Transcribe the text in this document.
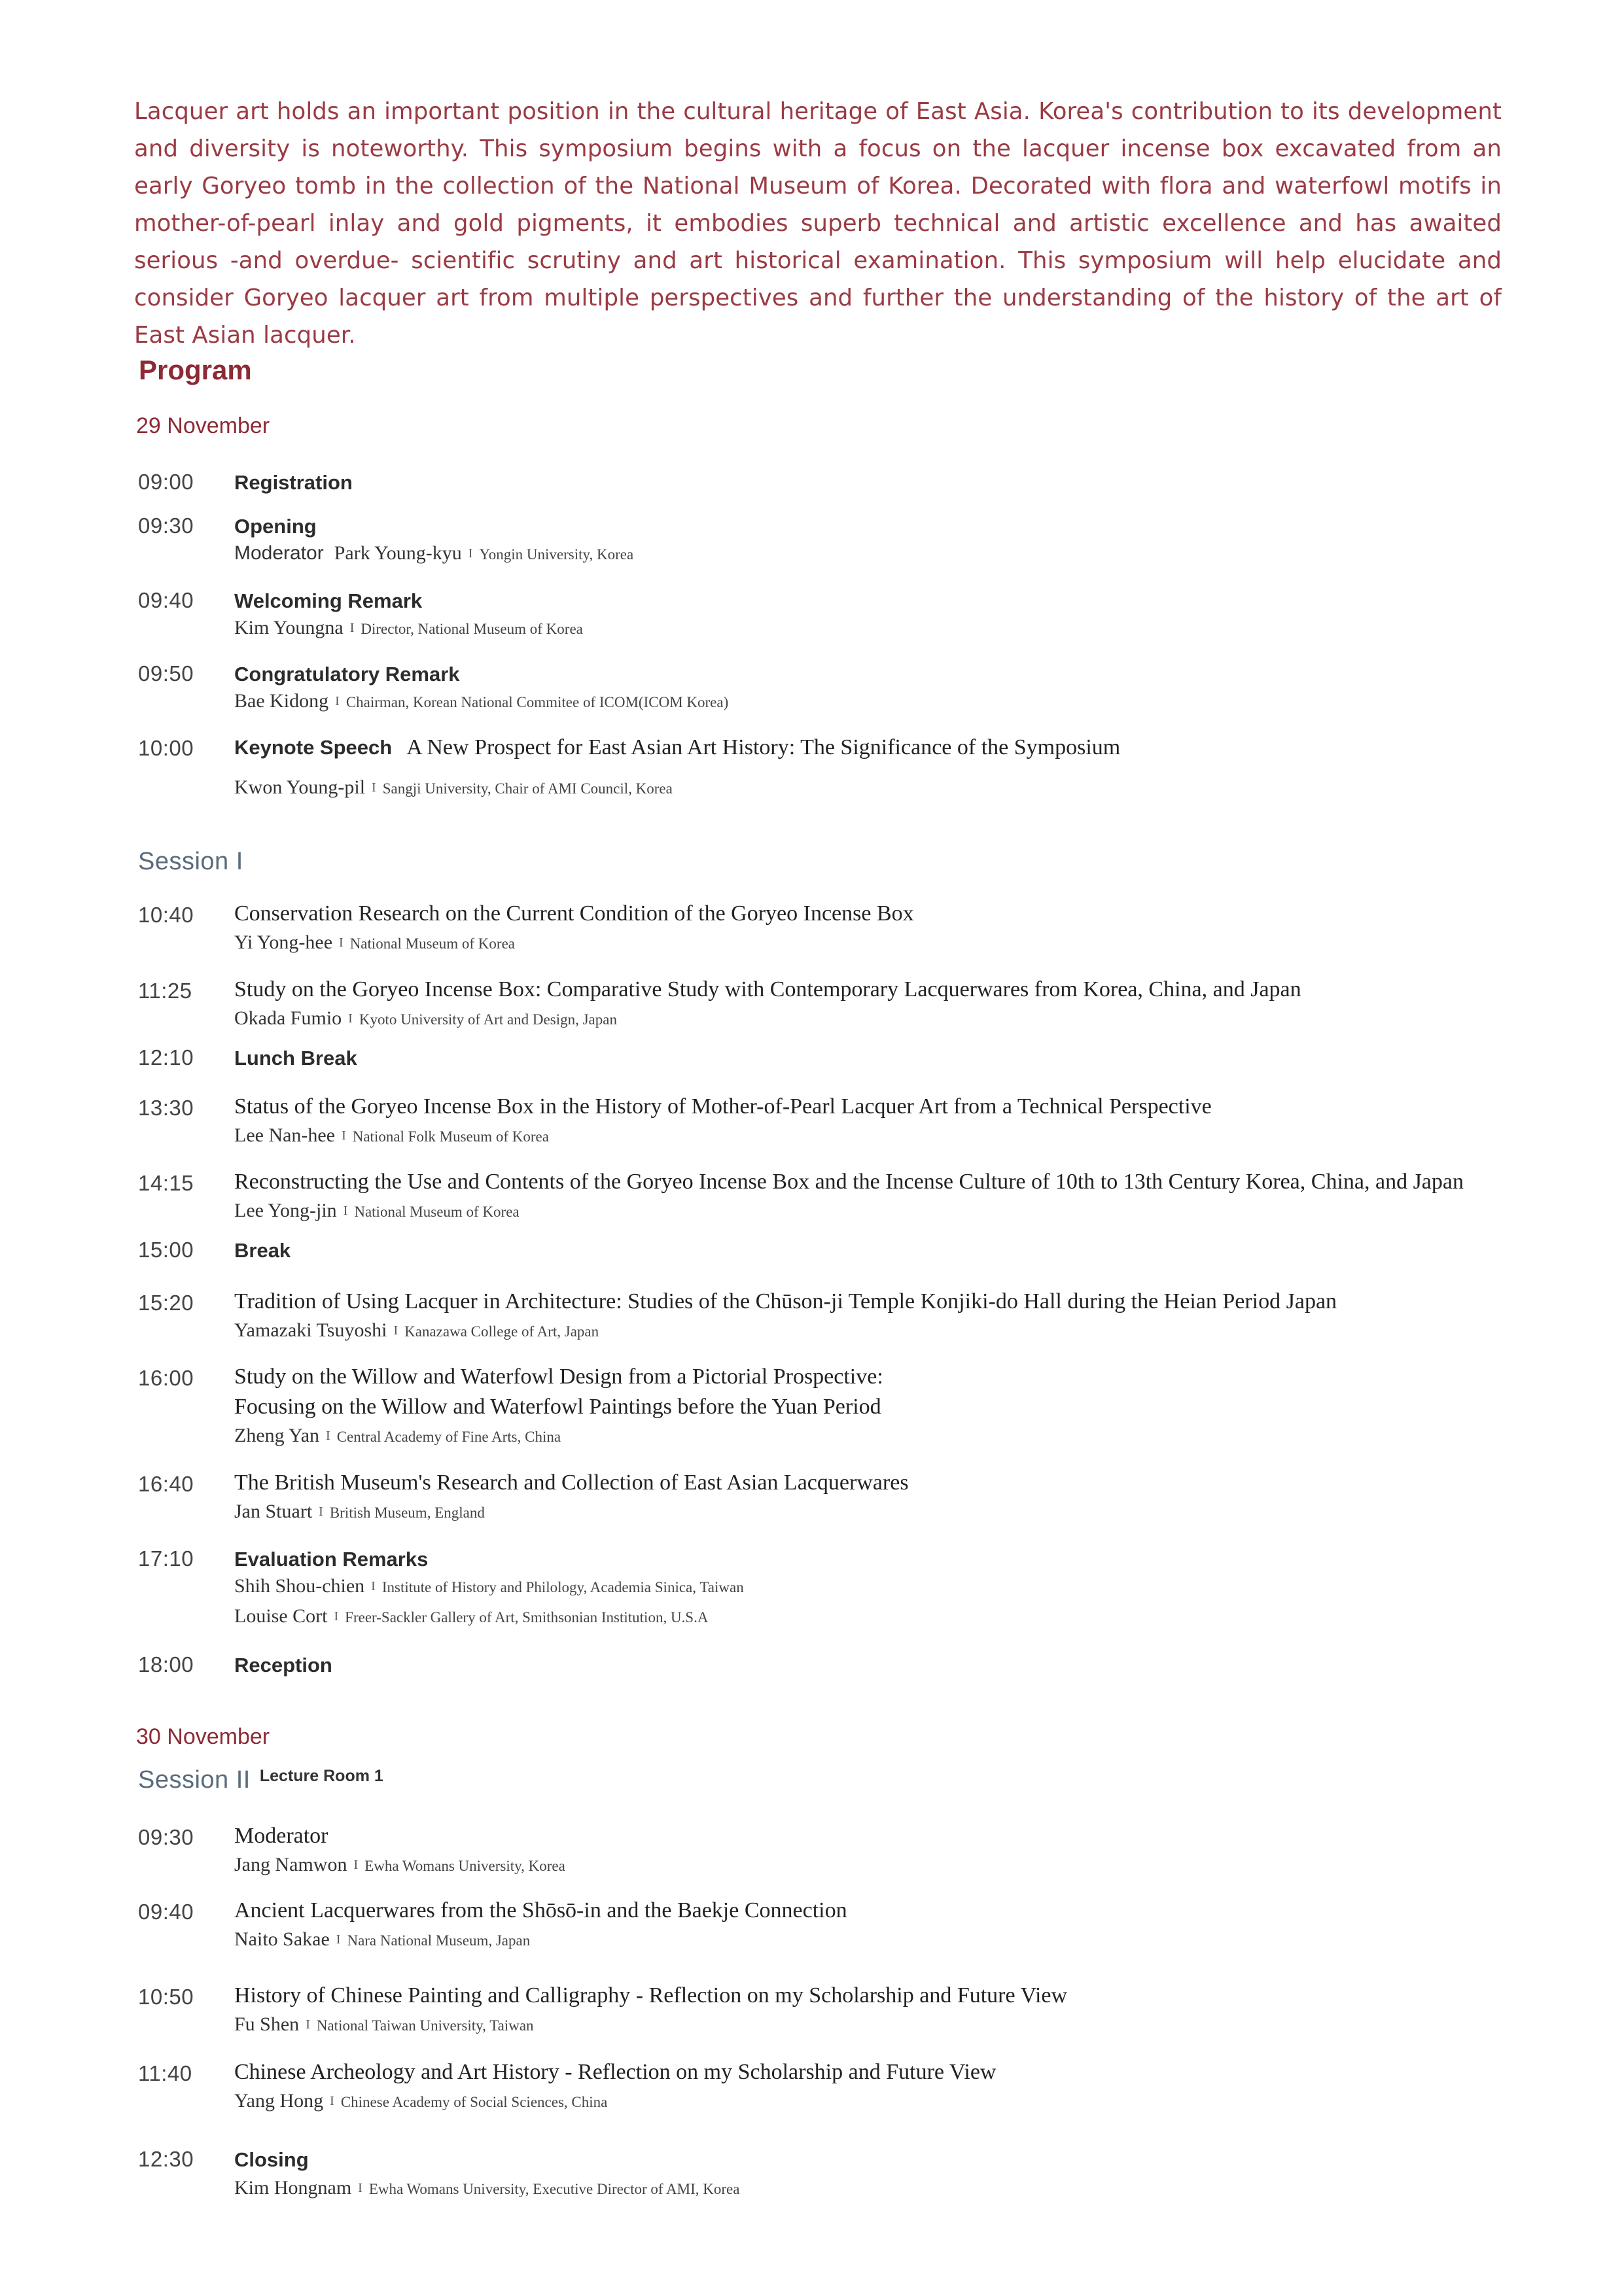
Lacquer art holds an important position in the cultural heritage of East Asia. Korea's contribution to its development and diversity is noteworthy. This symposium begins with a focus on the lacquer incense box excavated from an early Goryeo tomb in the collection of the National Museum of Korea. Decorated with flora and waterfowl motifs in mother-of-pearl inlay and gold pigments, it embodies superb technical and artistic excellence and has awaited serious -and overdue- scientific scrutiny and art historical examination. This symposium will help elucidate and consider Goryeo lacquer art from multiple perspectives and further the understanding of the history of the art of East Asian lacquer.
Program
29 November
09:00 Registration
09:30 Opening
Moderator Park Young-kyu I Yongin University, Korea
09:40 Welcoming Remark
Kim Youngna I Director, National Museum of Korea
09:50 Congratulatory Remark
Bae Kidong I Chairman, Korean National Commitee of ICOM(ICOM Korea)
10:00 Keynote Speech A New Prospect for East Asian Art History: The Significance of the Symposium
Kwon Young-pil I Sangji University, Chair of AMI Council, Korea
Session I
10:40 Conservation Research on the Current Condition of the Goryeo Incense Box
Yi Yong-hee I National Museum of Korea
11:25 Study on the Goryeo Incense Box: Comparative Study with Contemporary Lacquerwares from Korea, China, and Japan
Okada Fumio I Kyoto University of Art and Design, Japan
12:10 Lunch Break
13:30 Status of the Goryeo Incense Box in the History of Mother-of-Pearl Lacquer Art from a Technical Perspective
Lee Nan-hee I National Folk Museum of Korea
14:15 Reconstructing the Use and Contents of the Goryeo Incense Box and the Incense Culture of 10th to 13th Century Korea, China, and Japan
Lee Yong-jin I National Museum of Korea
15:00 Break
15:20 Tradition of Using Lacquer in Architecture: Studies of the Chūson-ji Temple Konjiki-do Hall during the Heian Period Japan
Yamazaki Tsuyoshi I Kanazawa College of Art, Japan
16:00 Study on the Willow and Waterfowl Design from a Pictorial Prospective:
Focusing on the Willow and Waterfowl Paintings before the Yuan Period
Zheng Yan I Central Academy of Fine Arts, China
16:40 The British Museum's Research and Collection of East Asian Lacquerwares
Jan Stuart I British Museum, England
17:10 Evaluation Remarks
Shih Shou-chien I Institute of History and Philology, Academia Sinica, Taiwan
Louise Cort I Freer-Sackler Gallery of Art, Smithsonian Institution, U.S.A
18:00 Reception
30 November
Session II $^{Lecture Room 1}$
09:30 Moderator
Jang Namwon I Ewha Womans University, Korea
09:40 Ancient Lacquerwares from the Shōsō-in and the Baekje Connection
Naito Sakae I Nara National Museum, Japan
10:50 History of Chinese Painting and Calligraphy - Reflection on my Scholarship and Future View
Fu Shen I National Taiwan University, Taiwan
11:40 Chinese Archeology and Art History - Reflection on my Scholarship and Future View
Yang Hong I Chinese Academy of Social Sciences, China
12:30 Closing
Kim Hongnam I Ewha Womans University, Executive Director of AMI, Korea
